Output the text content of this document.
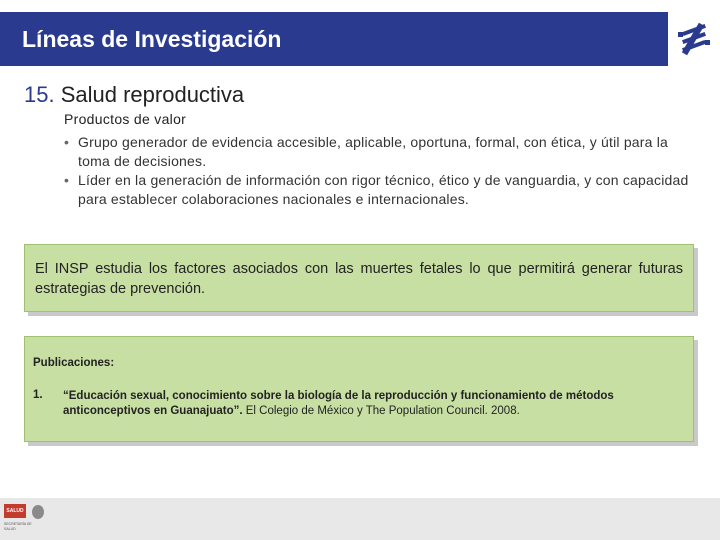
Líneas de Investigación
15. Salud reproductiva
Productos de valor
• Grupo generador de evidencia accesible, aplicable, oportuna, formal, con ética, y útil para la toma de decisiones.
• Líder en la generación de información con rigor técnico, ético y de vanguardia, y con capacidad para establecer colaboraciones nacionales e internacionales.

El INSP estudia los factores asociados con las muertes fetales lo que permitirá generar futuras estrategias de prevención.

Publicaciones:
1. “Educación sexual, conocimiento sobre la biología de la reproducción y funcionamiento de métodos anticonceptivos en Guanajuato”. El Colegio de México y The Population Council. 2008.
SALUD
SECRETARÍA DE SALUD
